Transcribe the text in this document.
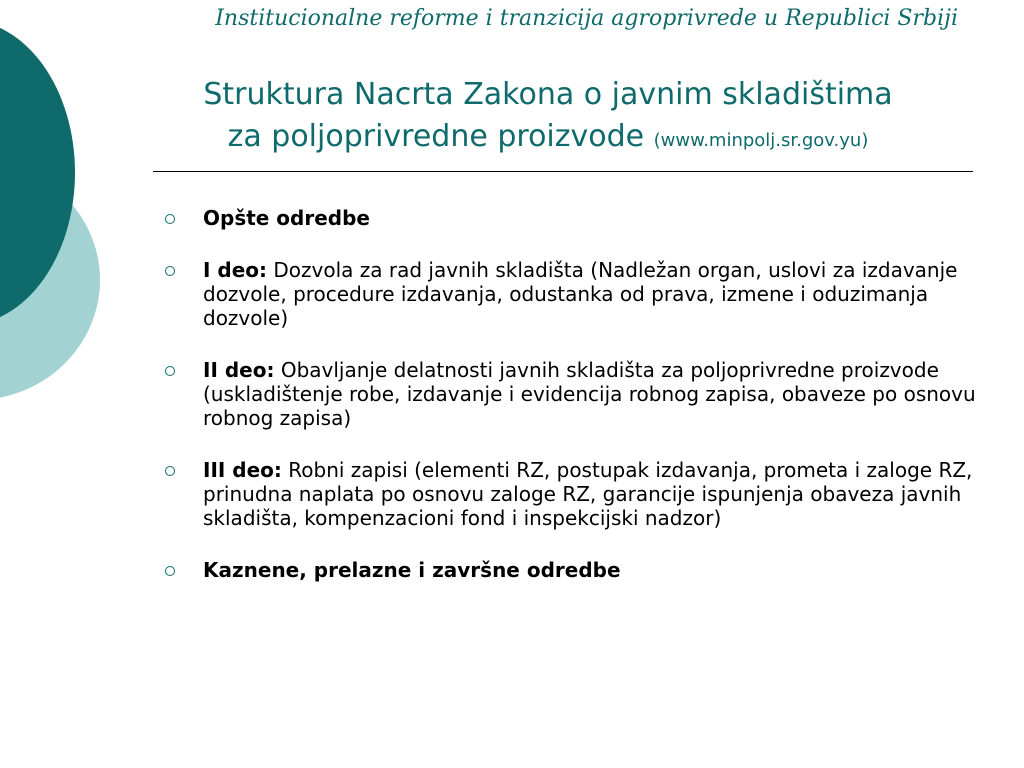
Institucionalne reforme i tranzicija agroprivrede u Republici Srbiji

Struktura Nacrta Zakona o javnim skladištima
za poljoprivredne proizvode (www.minpolj.sr.gov.yu)
Opšte odredbe
I deo: Dozvola za rad javnih skladišta (Nadležan organ, uslovi za izdavanje dozvole, procedure izdavanja, odustanka od prava, izmene i oduzimanja dozvole)
II deo: Obavljanje delatnosti javnih skladišta za poljoprivredne proizvode (uskladištenje robe, izdavanje i evidencija robnog zapisa, obaveze po osnovu robnog zapisa)
III deo: Robni zapisi (elementi RZ, postupak izdavanja, prometa i zaloge RZ, prinudna naplata po osnovu zaloge RZ, garancije ispunjenja obaveza javnih skladišta, kompenzacioni fond i inspekcijski nadzor)
Kaznene, prelazne i završne odredbe
